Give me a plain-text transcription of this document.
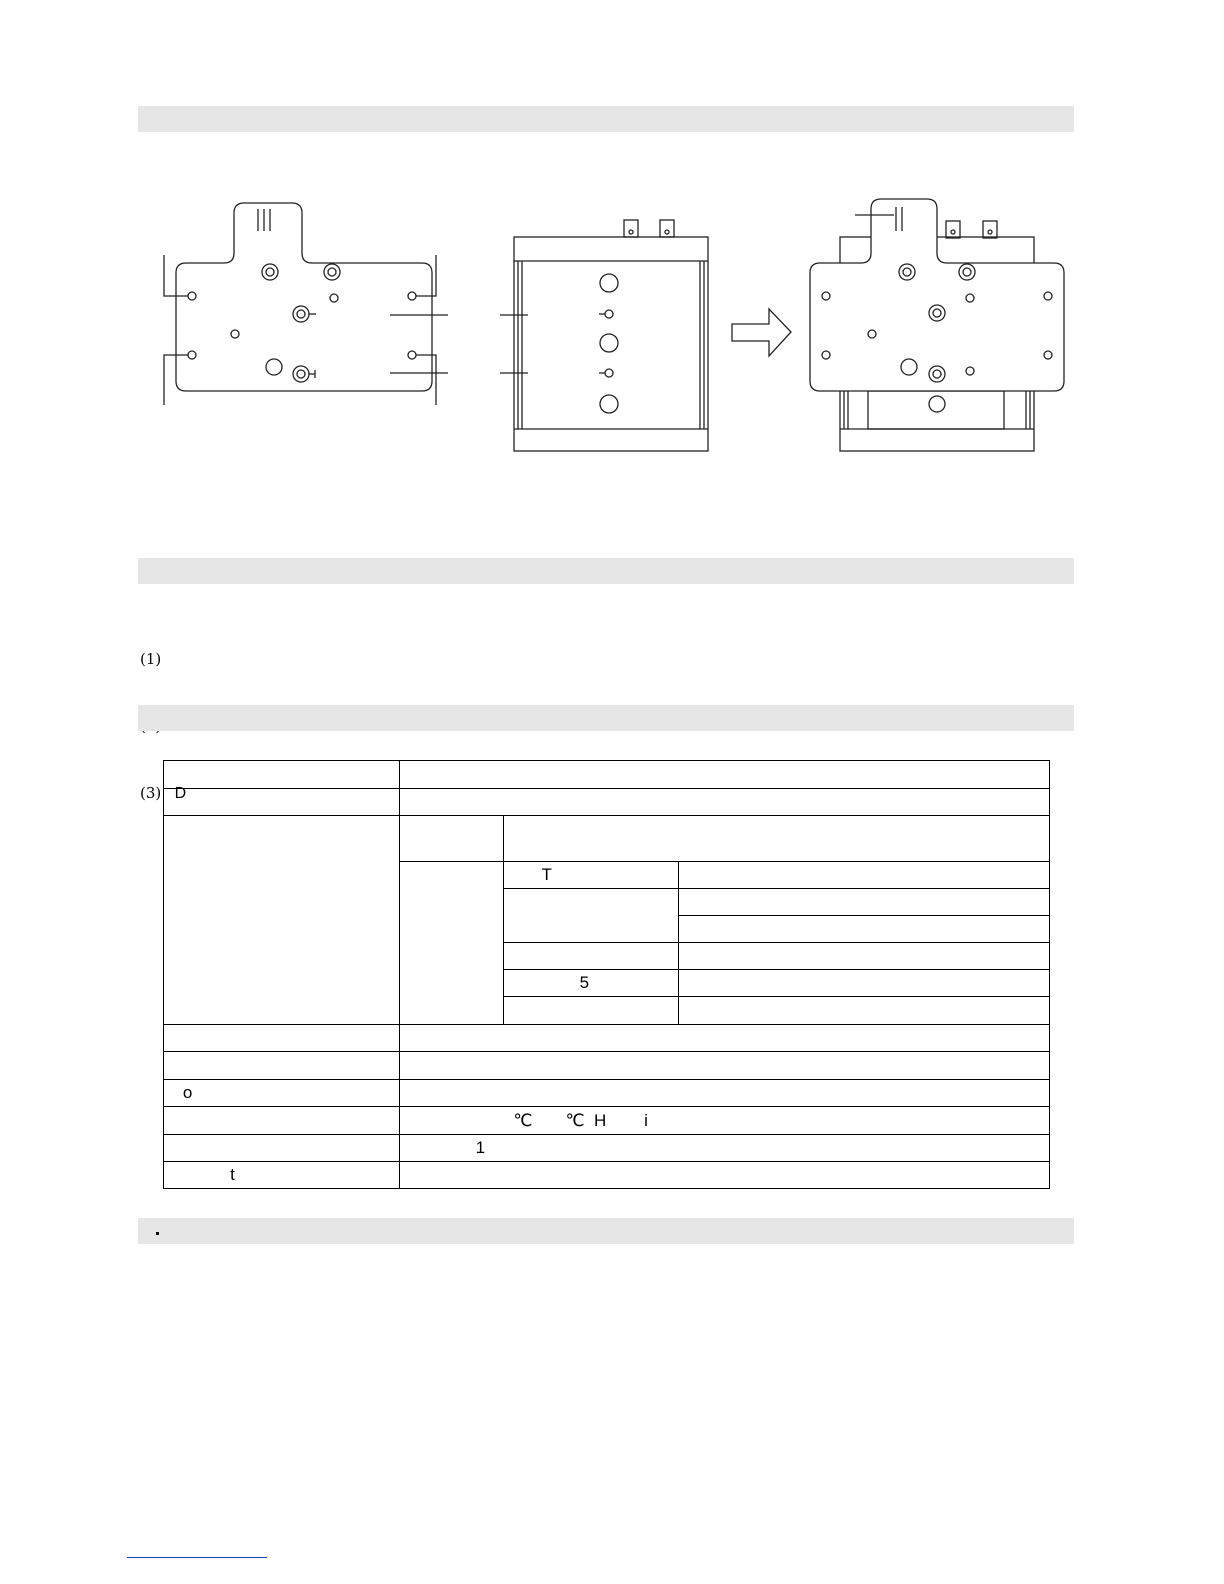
(1)

(3)   D

		T	

		5	

o			
	℃       ℃  H        i		
	1		
t			
